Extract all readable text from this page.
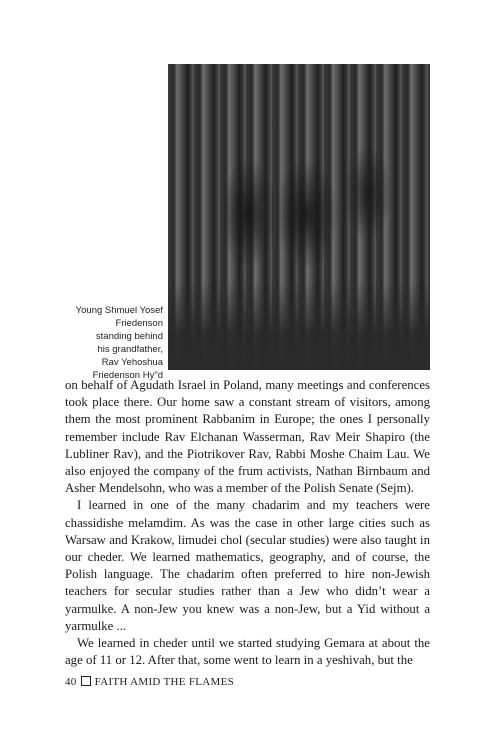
Young Shmuel Yosef
Friedenson
standing behind
his grandfather,
Rav Yehoshua
Friedenson Hy"d

on behalf of Agudath Israel in Poland, many meetings and conferences took place there. Our home saw a constant stream of visitors, among them the most prominent Rabbanim in Europe; the ones I personally remember include Rav Elchanan Wasserman, Rav Meir Shapiro (the Lubliner Rav), and the Piotrikover Rav, Rabbi Moshe Chaim Lau. We also enjoyed the company of the frum activists, Nathan Birnbaum and Asher Mendelsohn, who was a member of the Polish Senate (Sejm).

I learned in one of the many chadarim and my teachers were chassidishe melamdim. As was the case in other large cities such as Warsaw and Krakow, limudei chol (secular studies) were also taught in our cheder. We learned mathematics, geography, and of course, the Polish language. The chadarim often preferred to hire non-Jewish teachers for secular studies rather than a Jew who didn’t wear a yarmulke. A non-Jew you knew was a non-Jew, but a Yid without a yarmulke ...

We learned in cheder until we started studying Gemara at about the age of 11 or 12. After that, some went to learn in a yeshivah, but the

40 FAITH AMID THE FLAMES
